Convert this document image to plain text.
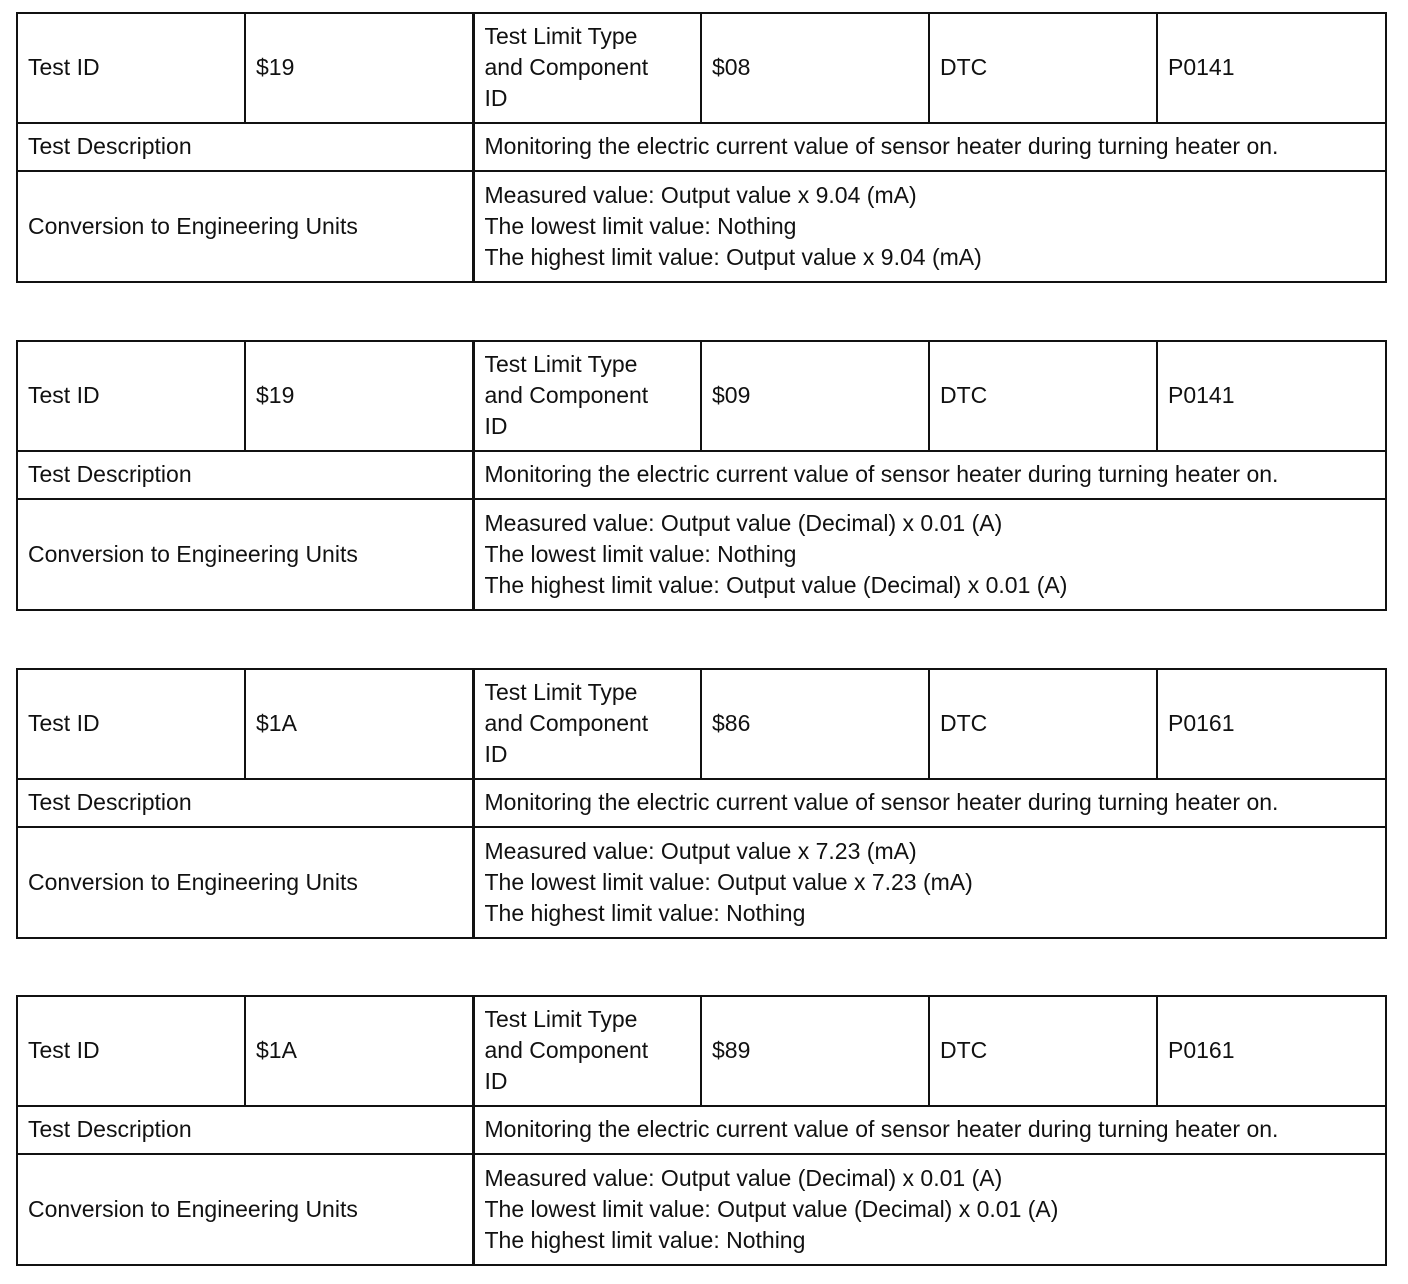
Test ID	$19	Test Limit Type and Component ID	$08	DTC	P0141
Test Description		Monitoring the electric current value of sensor heater during turning heater on.			
Conversion to Engineering Units		Measured value: Output value x 9.04 (mA)
The lowest limit value: Nothing
The highest limit value: Output value x 9.04 (mA)			
Test ID	$19	Test Limit Type and Component ID	$09	DTC	P0141
Test Description		Monitoring the electric current value of sensor heater during turning heater on.			
Conversion to Engineering Units		Measured value: Output value (Decimal) x 0.01 (A)
The lowest limit value: Nothing
The highest limit value: Output value (Decimal) x 0.01 (A)			
Test ID	$1A	Test Limit Type and Component ID	$86	DTC	P0161
Test Description		Monitoring the electric current value of sensor heater during turning heater on.			
Conversion to Engineering Units		Measured value: Output value x 7.23 (mA)
The lowest limit value: Output value x 7.23 (mA)
The highest limit value: Nothing			
Test ID	$1A	Test Limit Type and Component ID	$89	DTC	P0161
Test Description		Monitoring the electric current value of sensor heater during turning heater on.			
Conversion to Engineering Units		Measured value: Output value (Decimal) x 0.01 (A)
The lowest limit value: Output value (Decimal) x 0.01 (A)
The highest limit value: Nothing			
